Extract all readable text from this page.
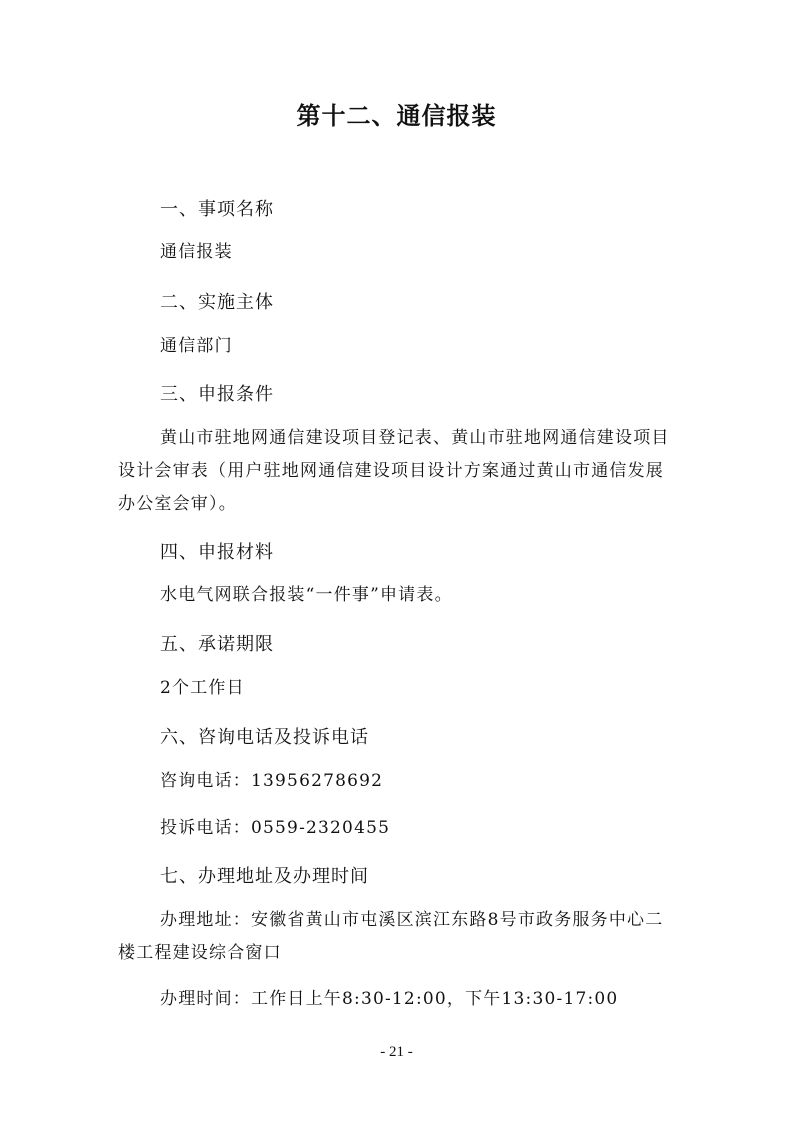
第十二、通信报装
一、事项名称
通信报装
二、实施主体
通信部门
三、申报条件
黄山市驻地网通信建设项目登记表、黄山市驻地网通信建设项目设计会审表（用户驻地网通信建设项目设计方案通过黄山市通信发展办公室会审）。
四、申报材料
水电气网联合报装“一件事”申请表。
五、承诺期限
2个工作日
六、咨询电话及投诉电话
咨询电话：13956278692
投诉电话：0559-2320455
七、办理地址及办理时间
办理地址：安徽省黄山市屯溪区滨江东路8号市政务服务中心二楼工程建设综合窗口
办理时间：工作日上午8:30-12:00，下午13:30-17:00
- 21 -
